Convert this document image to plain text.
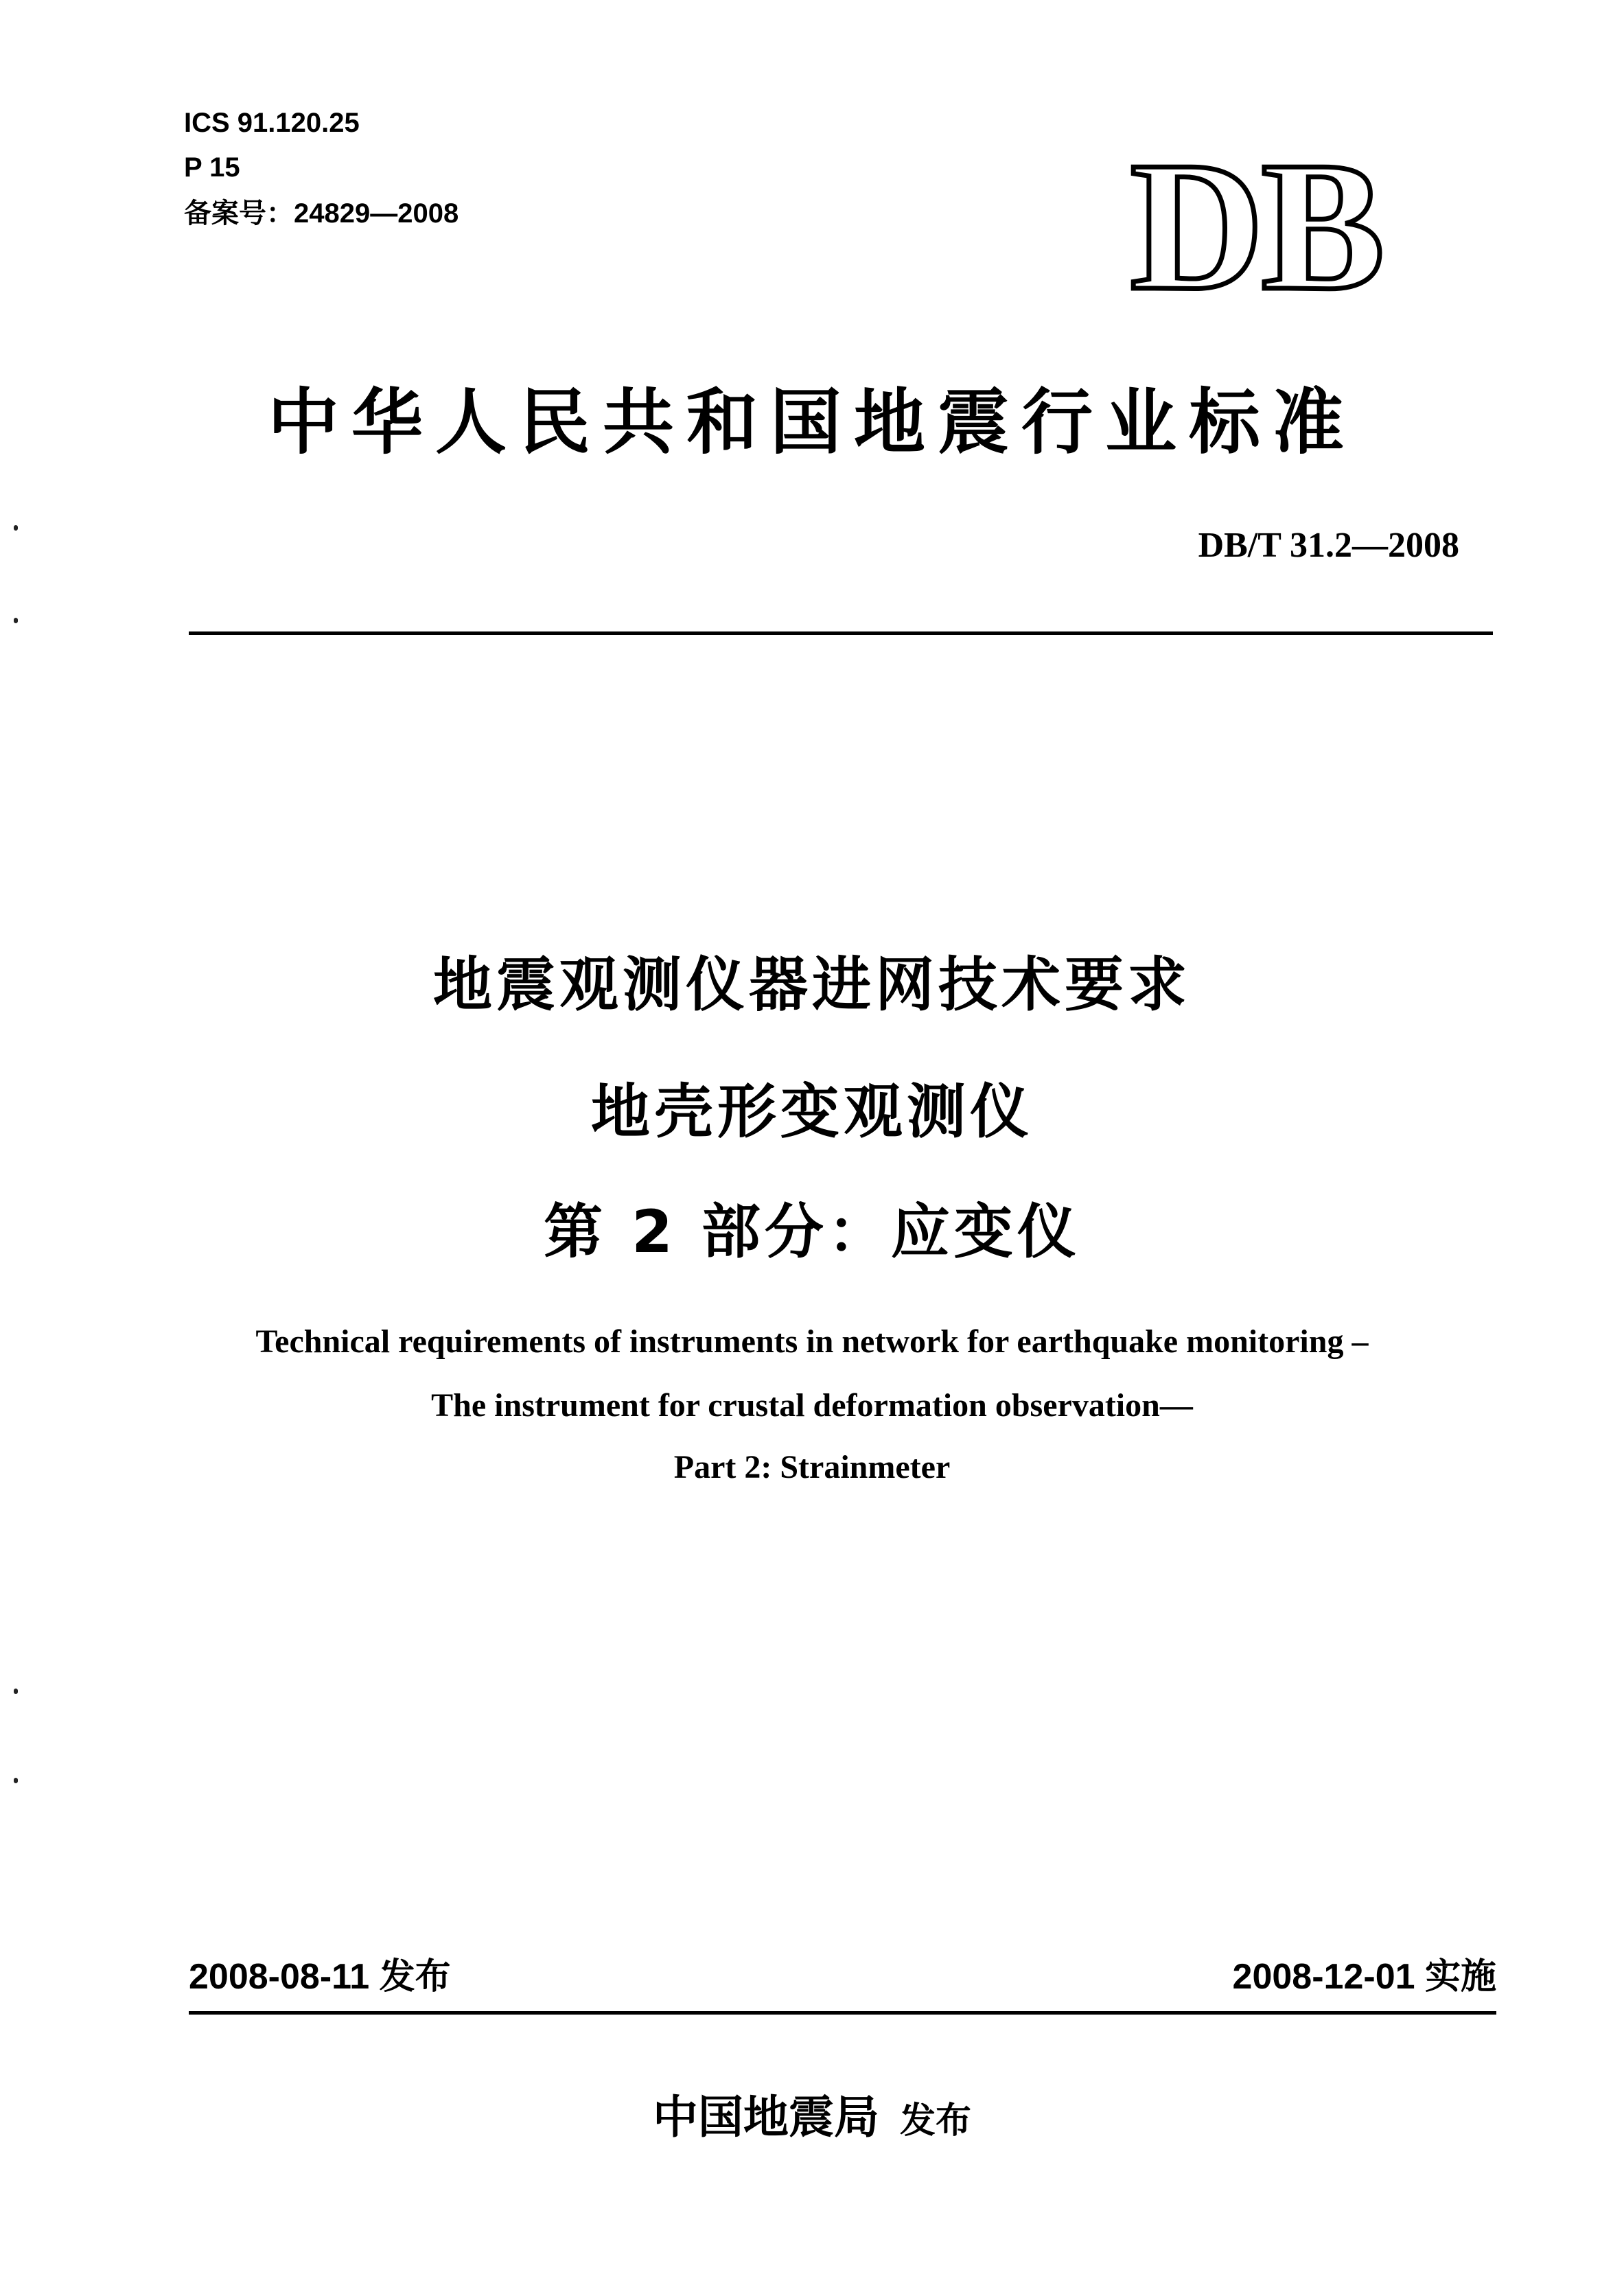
ICS 91.120.25
P 15
备案号：24829—2008	DB
中华人民共和国地震行业标准
DB/T 31.2—2008
地震观测仪器进网技术要求
地壳形变观测仪
第 2 部分：应变仪
Technical requirements of instruments in network for earthquake monitoring –
The instrument for crustal deformation observation—
Part 2: Strainmeter
2008-08-11 发布	2008-12-01 实施
中国地震局 发布
